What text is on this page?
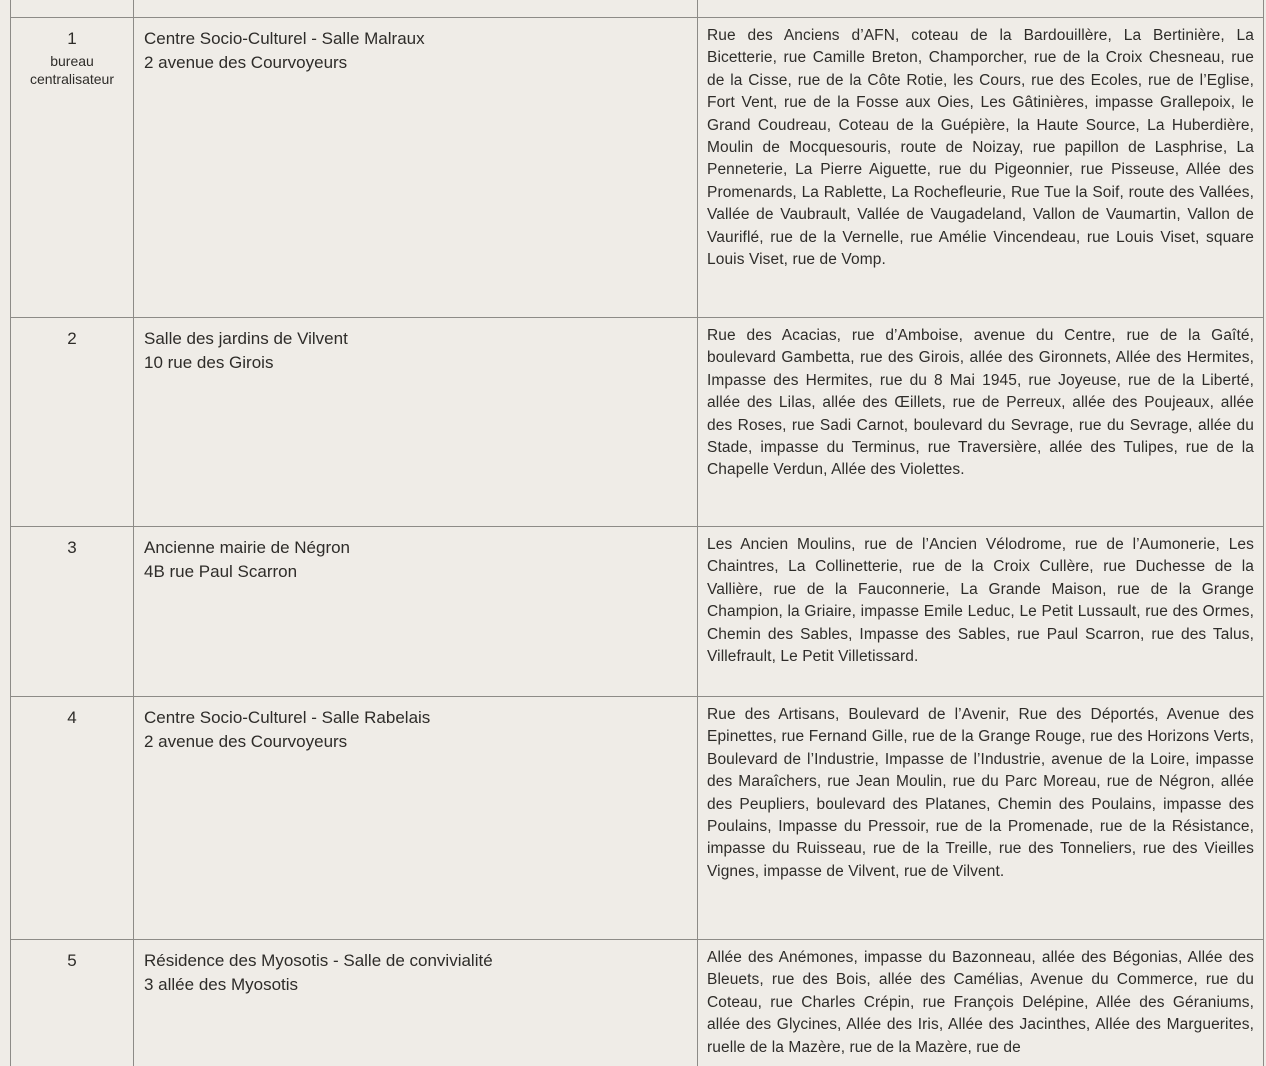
1
bureau centralisateur
Centre Socio-Culturel - Salle Malraux
2 avenue des Courvoyeurs
Rue des Anciens d’AFN, coteau de la Bardouillère, La Bertinière, La Bicetterie, rue Camille Breton, Champorcher, rue de la Croix Chesneau, rue de la Cisse, rue de la Côte Rotie, les Cours, rue des Ecoles, rue de l’Eglise, Fort Vent, rue de la Fosse aux Oies, Les Gâtinières, impasse Grallepoix, le Grand Coudreau, Coteau de la Guépière, la Haute Source, La Huberdière, Moulin de Mocquesouris, route de Noizay, rue papillon de Lasphrise, La Penneterie, La Pierre Aiguette, rue du Pigeonnier, rue Pisseuse, Allée des Promenards, La Rablette, La Rochefleurie, Rue Tue la Soif, route des Vallées, Vallée de Vaubrault, Vallée de Vaugadeland, Vallon de Vaumartin, Vallon de Vauriflé, rue de la Vernelle, rue Amélie Vincendeau, rue Louis Viset, square Louis Viset, rue de Vomp.
2	Salle des jardins de Vilvent
10 rue des Girois
Rue des Acacias, rue d’Amboise, avenue du Centre, rue de la Gaîté, boulevard Gambetta, rue des Girois, allée des Gironnets, Allée des Hermites, Impasse des Hermites, rue du 8 Mai 1945, rue Joyeuse, rue de la Liberté, allée des Lilas, allée des Œillets, rue de Perreux, allée des Poujeaux, allée des Roses, rue Sadi Carnot, boulevard du Sevrage, rue du Sevrage, allée du Stade, impasse du Terminus, rue Traversière, allée des Tulipes, rue de la Chapelle Verdun, Allée des Violettes.
3	Ancienne mairie de Négron
4B rue Paul Scarron
Les Ancien Moulins, rue de l’Ancien Vélodrome, rue de l’Aumonerie, Les Chaintres, La Collinetterie, rue de la Croix Cullère, rue Duchesse de la Vallière, rue de la Fauconnerie, La Grande Maison, rue de la Grange Champion, la Griaire, impasse Emile Leduc, Le Petit Lussault, rue des Ormes, Chemin des Sables, Impasse des Sables, rue Paul Scarron, rue des Talus, Villefrault, Le Petit Villetissard.
4	Centre Socio-Culturel - Salle Rabelais
2 avenue des Courvoyeurs
Rue des Artisans, Boulevard de l’Avenir, Rue des Déportés, Avenue des Epinettes, rue Fernand Gille, rue de la Grange Rouge, rue des Horizons Verts, Boulevard de l’Industrie, Impasse de l’Industrie, avenue de la Loire, impasse des Maraîchers, rue Jean Moulin, rue du Parc Moreau, rue de Négron, allée des Peupliers, boulevard des Platanes, Chemin des Poulains, impasse des Poulains, Impasse du Pressoir, rue de la Promenade, rue de la Résistance, impasse du Ruisseau, rue de la Treille, rue des Tonneliers, rue des Vieilles Vignes, impasse de Vilvent, rue de Vilvent.
5	Résidence des Myosotis - Salle de convivialité
3 allée des Myosotis
Allée des Anémones, impasse du Bazonneau, allée des Bégonias, Allée des Bleuets, rue des Bois, allée des Camélias, Avenue du Commerce, rue du Coteau, rue Charles Crépin, rue François Delépine, Allée des Géraniums, allée des Glycines, Allée des Iris, Allée des Jacinthes, Allée des Marguerites, ruelle de la Mazère, rue de la Mazère, rue de
